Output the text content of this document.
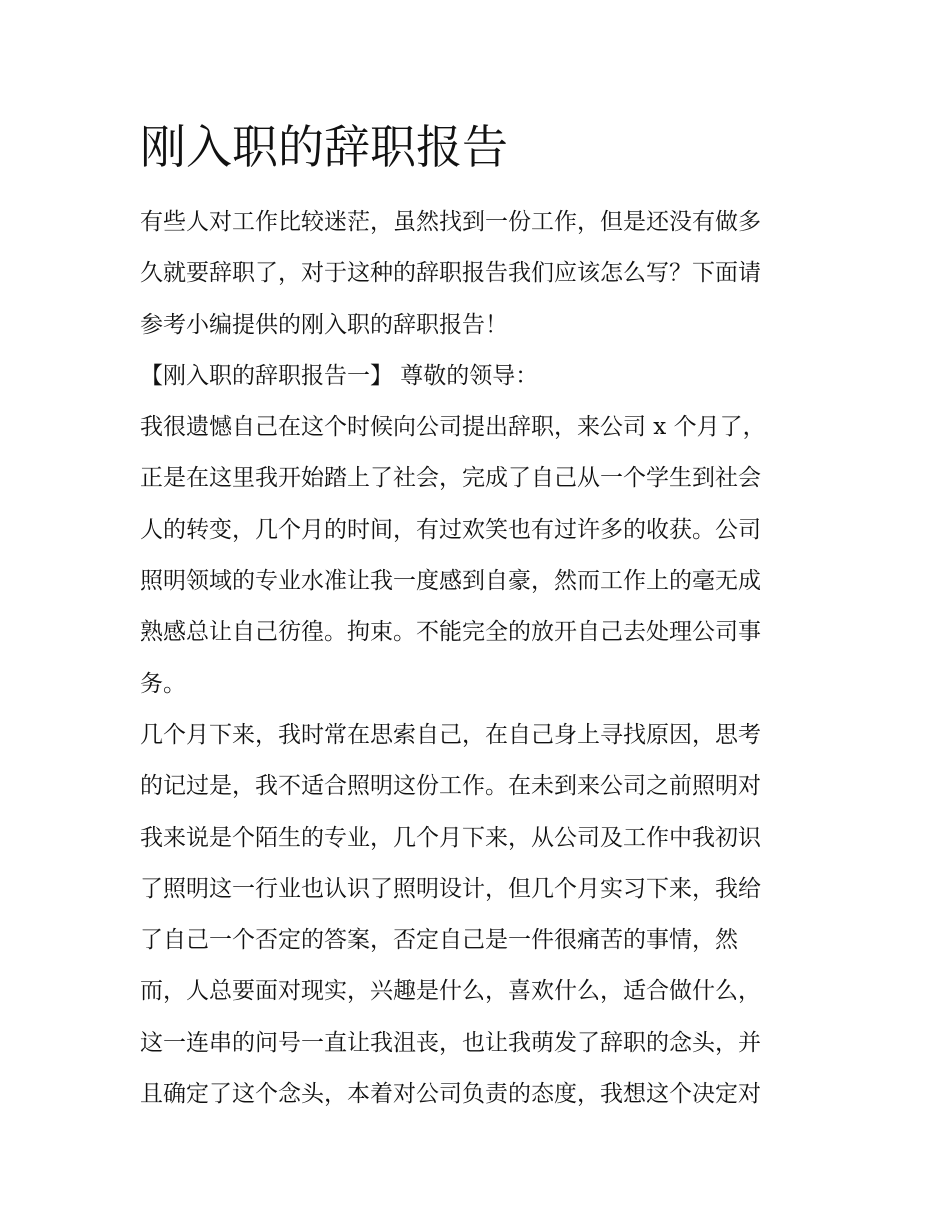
刚入职的辞职报告
有些人对工作比较迷茫，虽然找到一份工作，但是还没有做多
久就要辞职了，对于这种的辞职报告我们应该怎么写？下面请
参考小编提供的刚入职的辞职报告！
【刚入职的辞职报告一】 尊敬的领导：
我很遗憾自己在这个时候向公司提出辞职，来公司 x 个月了，
正是在这里我开始踏上了社会，完成了自己从一个学生到社会
人的转变，几个月的时间，有过欢笑也有过许多的收获。公司
照明领域的专业水准让我一度感到自豪，然而工作上的毫无成
熟感总让自己彷徨。拘束。不能完全的放开自己去处理公司事
务。
几个月下来，我时常在思索自己，在自己身上寻找原因，思考
的记过是，我不适合照明这份工作。在未到来公司之前照明对
我来说是个陌生的专业，几个月下来，从公司及工作中我初识
了照明这一行业也认识了照明设计，但几个月实习下来，我给
了自己一个否定的答案，否定自己是一件很痛苦的事情，然
而，人总要面对现实，兴趣是什么，喜欢什么，适合做什么，
这一连串的问号一直让我沮丧，也让我萌发了辞职的念头，并
且确定了这个念头，本着对公司负责的态度，我想这个决定对
